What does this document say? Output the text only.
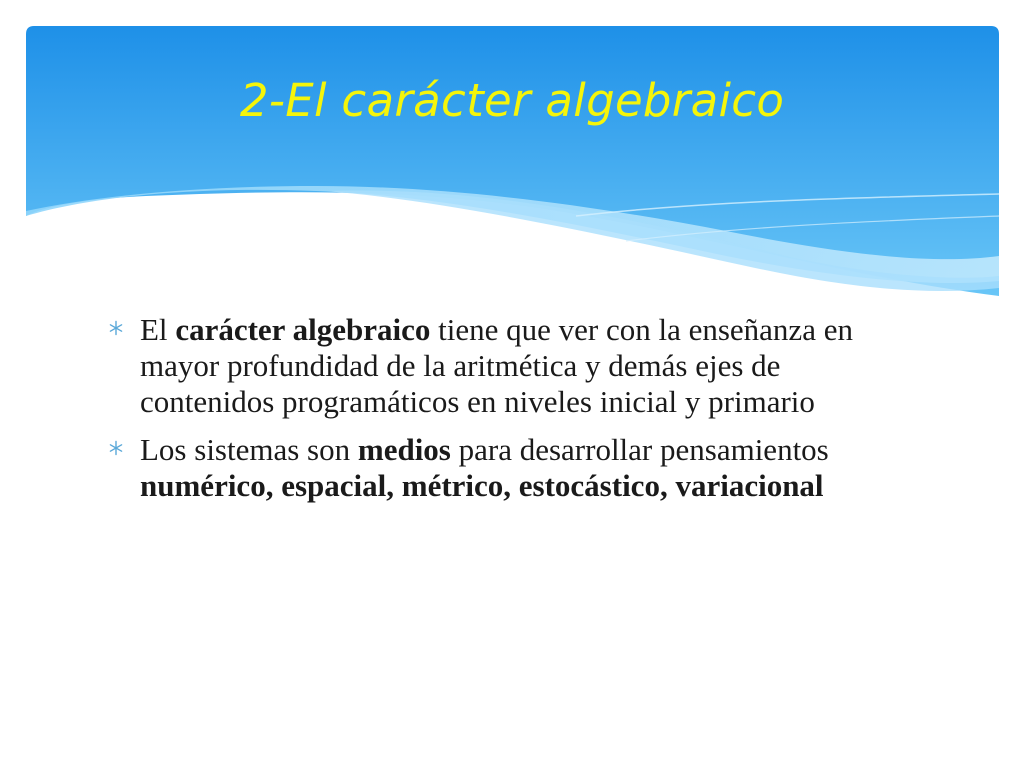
2-El carácter algebraico
El carácter algebraico tiene que ver con la enseñanza en mayor profundidad de la aritmética y demás ejes de contenidos programáticos en niveles inicial y primario
Los sistemas son medios para desarrollar pensamientos numérico, espacial, métrico, estocástico, variacional
